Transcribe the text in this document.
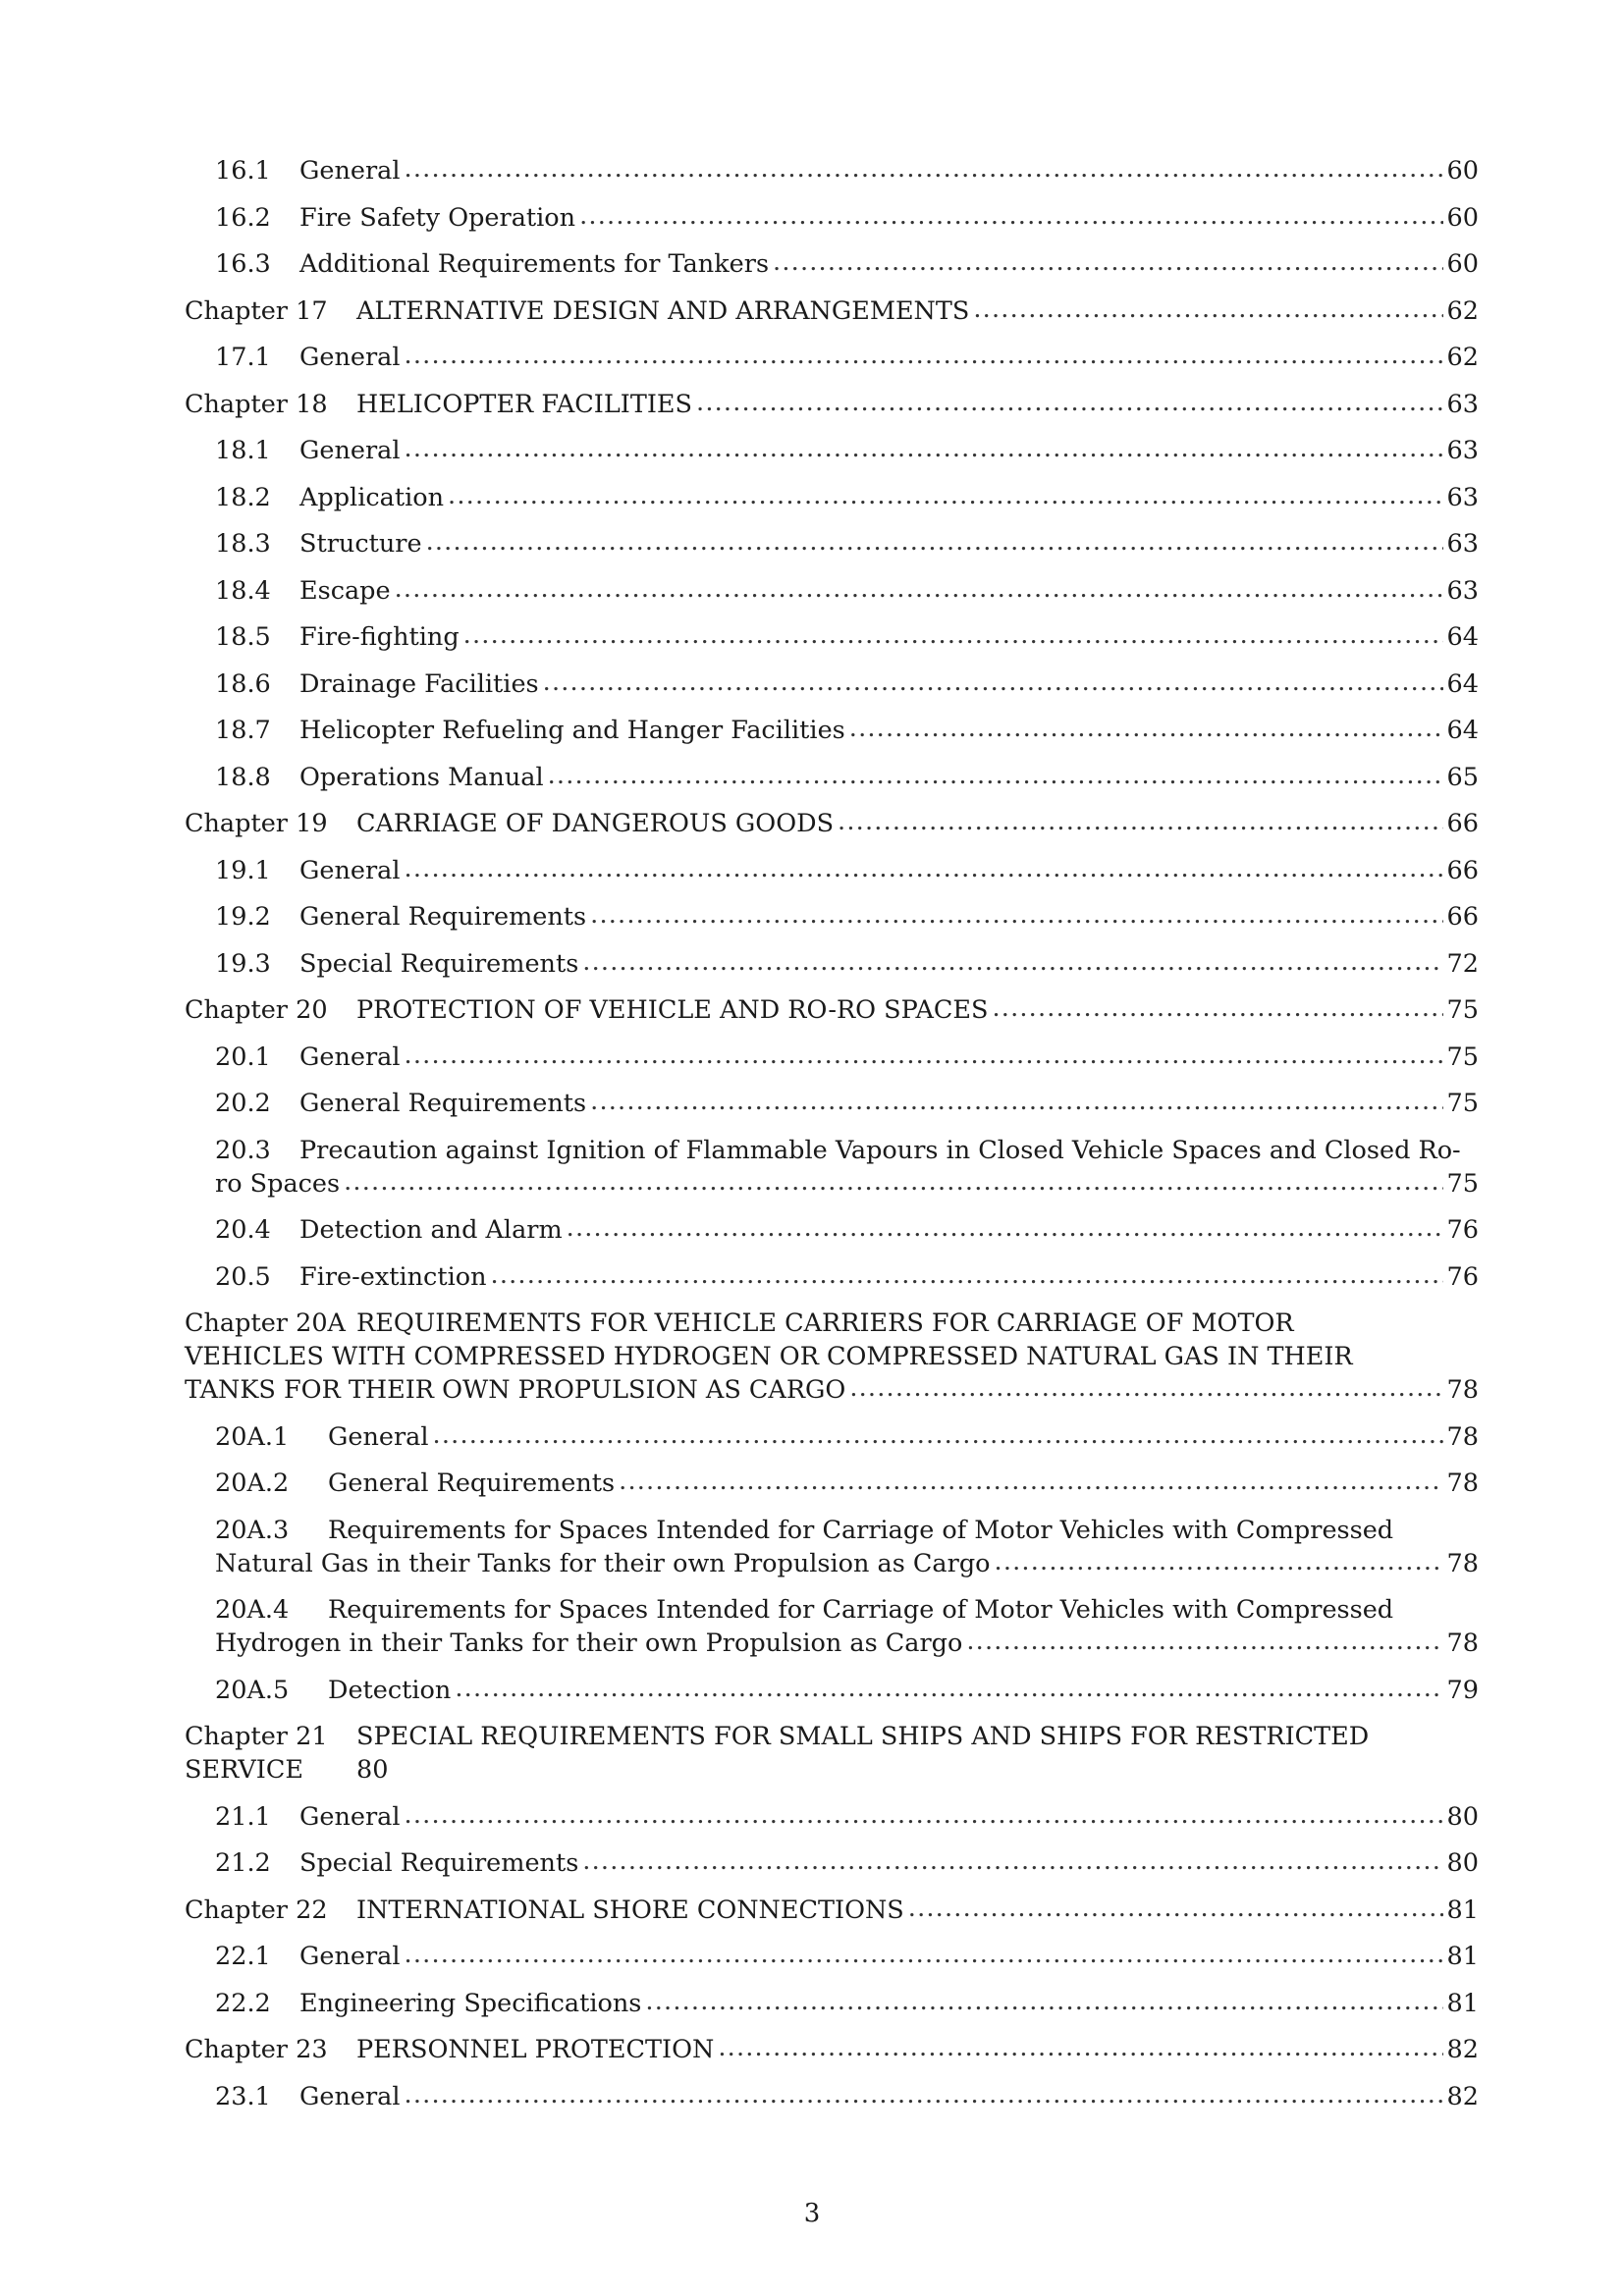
16.1	General .....	60
16.2	Fire Safety Operation .....	60
16.3	Additional Requirements for Tankers .....	60
Chapter 17	ALTERNATIVE DESIGN AND ARRANGEMENTS .....	62
17.1	General .....	62
Chapter 18	HELICOPTER FACILITIES .....	63
18.1	General .....	63
18.2	Application .....	63
18.3	Structure .....	63
18.4	Escape .....	63
18.5	Fire-fighting .....	64
18.6	Drainage Facilities .....	64
18.7	Helicopter Refueling and Hanger Facilities .....	64
18.8	Operations Manual .....	65
Chapter 19	CARRIAGE OF DANGEROUS GOODS .....	66
19.1	General .....	66
19.2	General Requirements .....	66
19.3	Special Requirements .....	72
Chapter 20	PROTECTION OF VEHICLE AND RO-RO SPACES .....	75
20.1	General .....	75
20.2	General Requirements .....	75
20.3	Precaution against Ignition of Flammable Vapours in Closed Vehicle Spaces and Closed Ro-
ro Spaces .....	75
20.4	Detection and Alarm .....	76
20.5	Fire-extinction .....	76
Chapter 20A REQUIREMENTS FOR VEHICLE CARRIERS FOR CARRIAGE OF MOTOR
VEHICLES WITH COMPRESSED HYDROGEN OR COMPRESSED NATURAL GAS IN THEIR
TANKS FOR THEIR OWN PROPULSION AS CARGO .....	78
20A.1	General .....	78
20A.2	General Requirements .....	78
20A.3	Requirements for Spaces Intended for Carriage of Motor Vehicles with Compressed
Natural Gas in their Tanks for their own Propulsion as Cargo .....	78
20A.4	Requirements for Spaces Intended for Carriage of Motor Vehicles with Compressed
Hydrogen in their Tanks for their own Propulsion as Cargo .....	78
20A.5	Detection .....	79
Chapter 21	SPECIAL REQUIREMENTS FOR SMALL SHIPS AND SHIPS FOR RESTRICTED
SERVICE	80
21.1	General .....	80
21.2	Special Requirements .....	80
Chapter 22	INTERNATIONAL SHORE CONNECTIONS .....	81
22.1	General .....	81
22.2	Engineering Specifications .....	81
Chapter 23	PERSONNEL PROTECTION .....	82
23.1	General .....	82
3
